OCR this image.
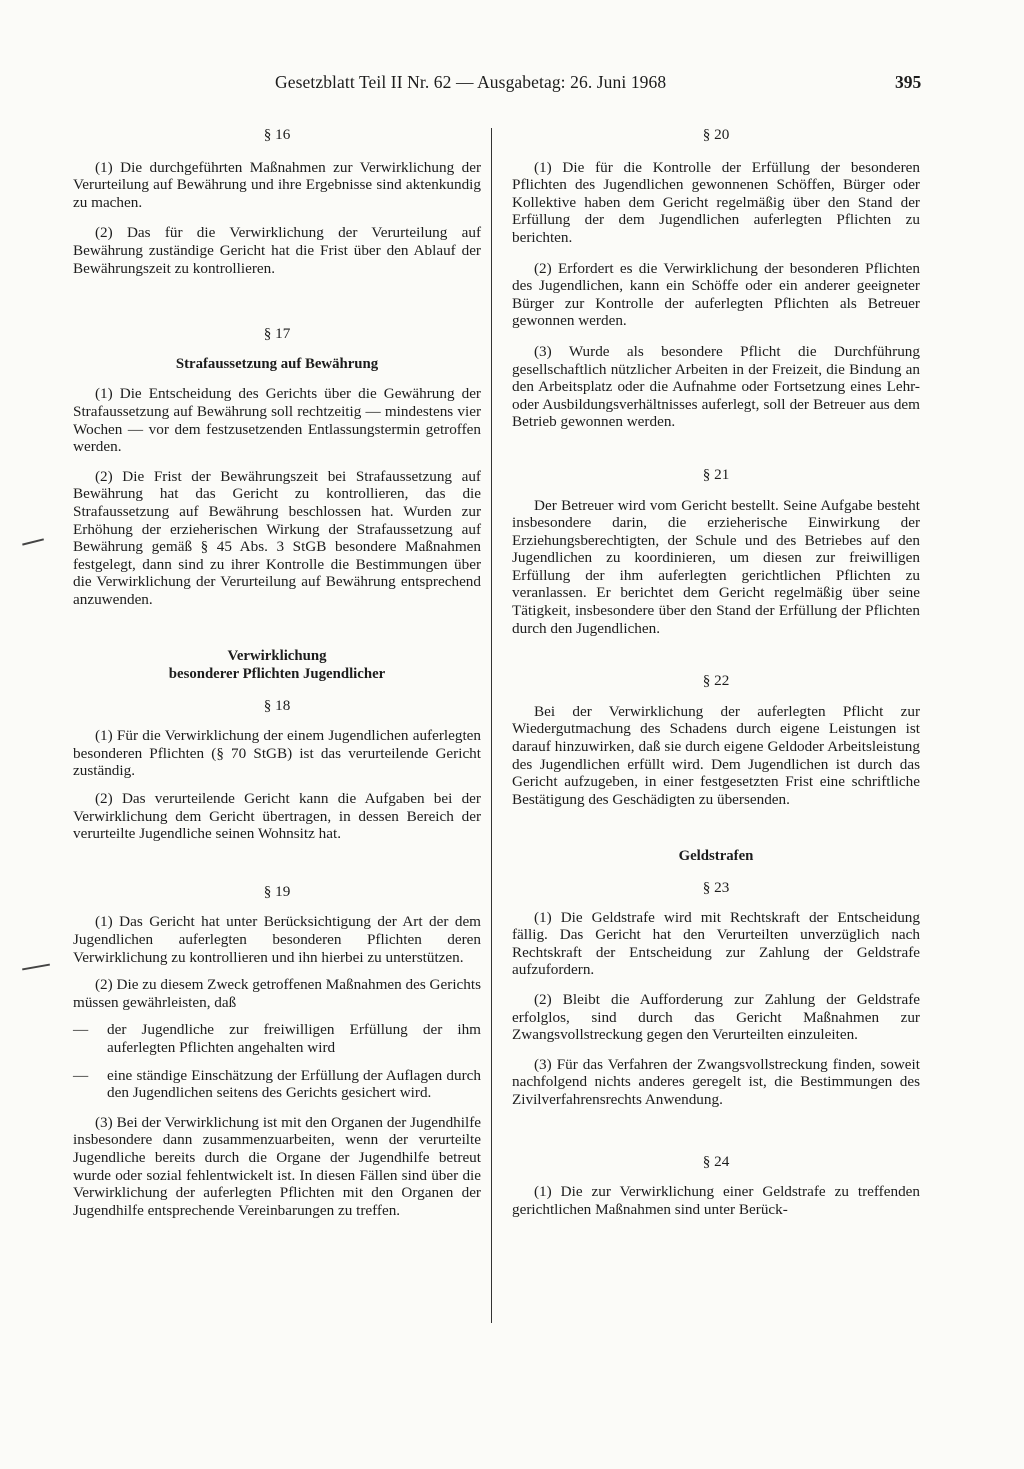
Gesetzblatt Teil II Nr. 62 — Ausgabetag: 26. Juni 1968	395

§ 16

(1) Die durchgeführten Maßnahmen zur Verwirklichung der Verurteilung auf Bewährung und ihre Ergebnisse sind aktenkundig zu machen.

(2) Das für die Verwirklichung der Verurteilung auf Bewährung zuständige Gericht hat die Frist über den Ablauf der Bewährungszeit zu kontrollieren.

§ 17

Strafaussetzung auf Bewährung

(1) Die Entscheidung des Gerichts über die Gewährung der Strafaussetzung auf Bewährung soll rechtzeitig — mindestens vier Wochen — vor dem festzusetzenden Entlassungstermin getroffen werden.

(2) Die Frist der Bewährungszeit bei Strafaussetzung auf Bewährung hat das Gericht zu kontrollieren, das die Strafaussetzung auf Bewährung beschlossen hat. Wurden zur Erhöhung der erzieherischen Wirkung der Strafaussetzung auf Bewährung gemäß § 45 Abs. 3 StGB besondere Maßnahmen festgelegt, dann sind zu ihrer Kontrolle die Bestimmungen über die Verwirklichung der Verurteilung auf Bewährung entsprechend anzuwenden.

Verwirklichung

besonderer Pflichten Jugendlicher

§ 18

(1) Für die Verwirklichung der einem Jugendlichen auferlegten besonderen Pflichten (§ 70 StGB) ist das verurteilende Gericht zuständig.

(2) Das verurteilende Gericht kann die Aufgaben bei der Verwirklichung dem Gericht übertragen, in dessen Bereich der verurteilte Jugendliche seinen Wohnsitz hat.

§ 19

(1) Das Gericht hat unter Berücksichtigung der Art der dem Jugendlichen auferlegten besonderen Pflichten deren Verwirklichung zu kontrollieren und ihn hierbei zu unterstützen.

(2) Die zu diesem Zweck getroffenen Maßnahmen des Gerichts müssen gewährleisten, daß

— der Jugendliche zur freiwilligen Erfüllung der ihm auferlegten Pflichten angehalten wird
— eine ständige Einschätzung der Erfüllung der Auflagen durch den Jugendlichen seitens des Gerichts gesichert wird.

(3) Bei der Verwirklichung ist mit den Organen der Jugendhilfe insbesondere dann zusammenzuarbeiten, wenn der verurteilte Jugendliche bereits durch die Organe der Jugendhilfe betreut wurde oder sozial fehlentwickelt ist. In diesen Fällen sind über die Verwirklichung der auferlegten Pflichten mit den Organen der Jugendhilfe entsprechende Vereinbarungen zu treffen.

§ 20

(1) Die für die Kontrolle der Erfüllung der besonderen Pflichten des Jugendlichen gewonnenen Schöffen, Bürger oder Kollektive haben dem Gericht regelmäßig über den Stand der Erfüllung der dem Jugendlichen auferlegten Pflichten zu berichten.

(2) Erfordert es die Verwirklichung der besonderen Pflichten des Jugendlichen, kann ein Schöffe oder ein anderer geeigneter Bürger zur Kontrolle der auferlegten Pflichten als Betreuer gewonnen werden.

(3) Wurde als besondere Pflicht die Durchführung gesellschaftlich nützlicher Arbeiten in der Freizeit, die Bindung an den Arbeitsplatz oder die Aufnahme oder Fortsetzung eines Lehr- oder Ausbildungsverhältnisses auferlegt, soll der Betreuer aus dem Betrieb gewonnen werden.

§ 21

Der Betreuer wird vom Gericht bestellt. Seine Aufgabe besteht insbesondere darin, die erzieherische Einwirkung der Erziehungsberechtigten, der Schule und des Betriebes auf den Jugendlichen zu koordinieren, um diesen zur freiwilligen Erfüllung der ihm auferlegten gerichtlichen Pflichten zu veranlassen. Er berichtet dem Gericht regelmäßig über seine Tätigkeit, insbesondere über den Stand der Erfüllung der Pflichten durch den Jugendlichen.

§ 22

Bei der Verwirklichung der auferlegten Pflicht zur Wiedergutmachung des Schadens durch eigene Leistungen ist darauf hinzuwirken, daß sie durch eigene Geldoder Arbeitsleistung des Jugendlichen erfüllt wird. Dem Jugendlichen ist durch das Gericht aufzugeben, in einer festgesetzten Frist eine schriftliche Bestätigung des Geschädigten zu übersenden.

Geldstrafen

§ 23

(1) Die Geldstrafe wird mit Rechtskraft der Entscheidung fällig. Das Gericht hat den Verurteilten unverzüglich nach Rechtskraft der Entscheidung zur Zahlung der Geldstrafe aufzufordern.

(2) Bleibt die Aufforderung zur Zahlung der Geldstrafe erfolglos, sind durch das Gericht Maßnahmen zur Zwangsvollstreckung gegen den Verurteilten einzuleiten.

(3) Für das Verfahren der Zwangsvollstreckung finden, soweit nachfolgend nichts anderes geregelt ist, die Bestimmungen des Zivilverfahrensrechts Anwendung.

§ 24

(1) Die zur Verwirklichung einer Geldstrafe zu treffenden gerichtlichen Maßnahmen sind unter Berück-
